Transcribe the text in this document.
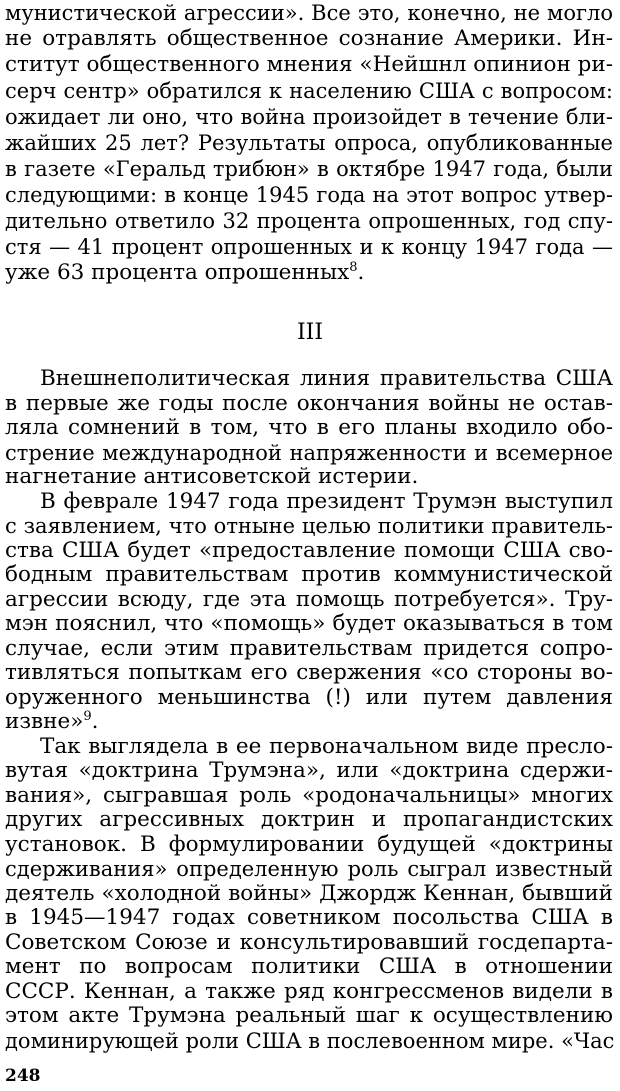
мунистической агрессии». Все это, конечно, не могло
не отравлять общественное сознание Америки. Ин-
ститут общественного мнения «Нейшнл опинион ри-
серч сентр» обратился к населению США с вопросом:
ожидает ли оно, что война произойдет в течение бли-
жайших 25 лет? Результаты опроса, опубликованные
в газете «Геральд трибюн» в октябре 1947 года, были
следующими: в конце 1945 года на этот вопрос утвер-
дительно ответило 32 процента опрошенных, год спу-
стя — 41 процент опрошенных и к концу 1947 года —
уже 63 процента опрошенных$^8$.
III
Внешнеполитическая линия правительства США
в первые же годы после окончания войны не остав-
ляла сомнений в том, что в его планы входило обо-
стрение международной напряженности и всемерное
нагнетание антисоветской истерии.
В феврале 1947 года президент Трумэн выступил
с заявлением, что отныне целью политики правитель-
ства США будет «предоставление помощи США сво-
бодным правительствам против коммунистической
агрессии всюду, где эта помощь потребуется». Тру-
мэн пояснил, что «помощь» будет оказываться в том
случае, если этим правительствам придется сопро-
тивляться попыткам его свержения «со стороны во-
оруженного меньшинства (!) или путем давления
извне»$^9$.
Так выглядела в ее первоначальном виде пресло-
вутая «доктрина Трумэна», или «доктрина сдержи-
вания», сыгравшая роль «родоначальницы» многих
других агрессивных доктрин и пропагандистских
установок. В формулировании будущей «доктрины
сдерживания» определенную роль сыграл известный
деятель «холодной войны» Джордж Кеннан, бывший
в 1945—1947 годах советником посольства США в
Советском Союзе и консультировавший госдепарта-
мент по вопросам политики США в отношении
СССР. Кеннан, а также ряд конгрессменов видели в
этом акте Трумэна реальный шаг к осуществлению
доминирующей роли США в послевоенном мире. «Час
248
